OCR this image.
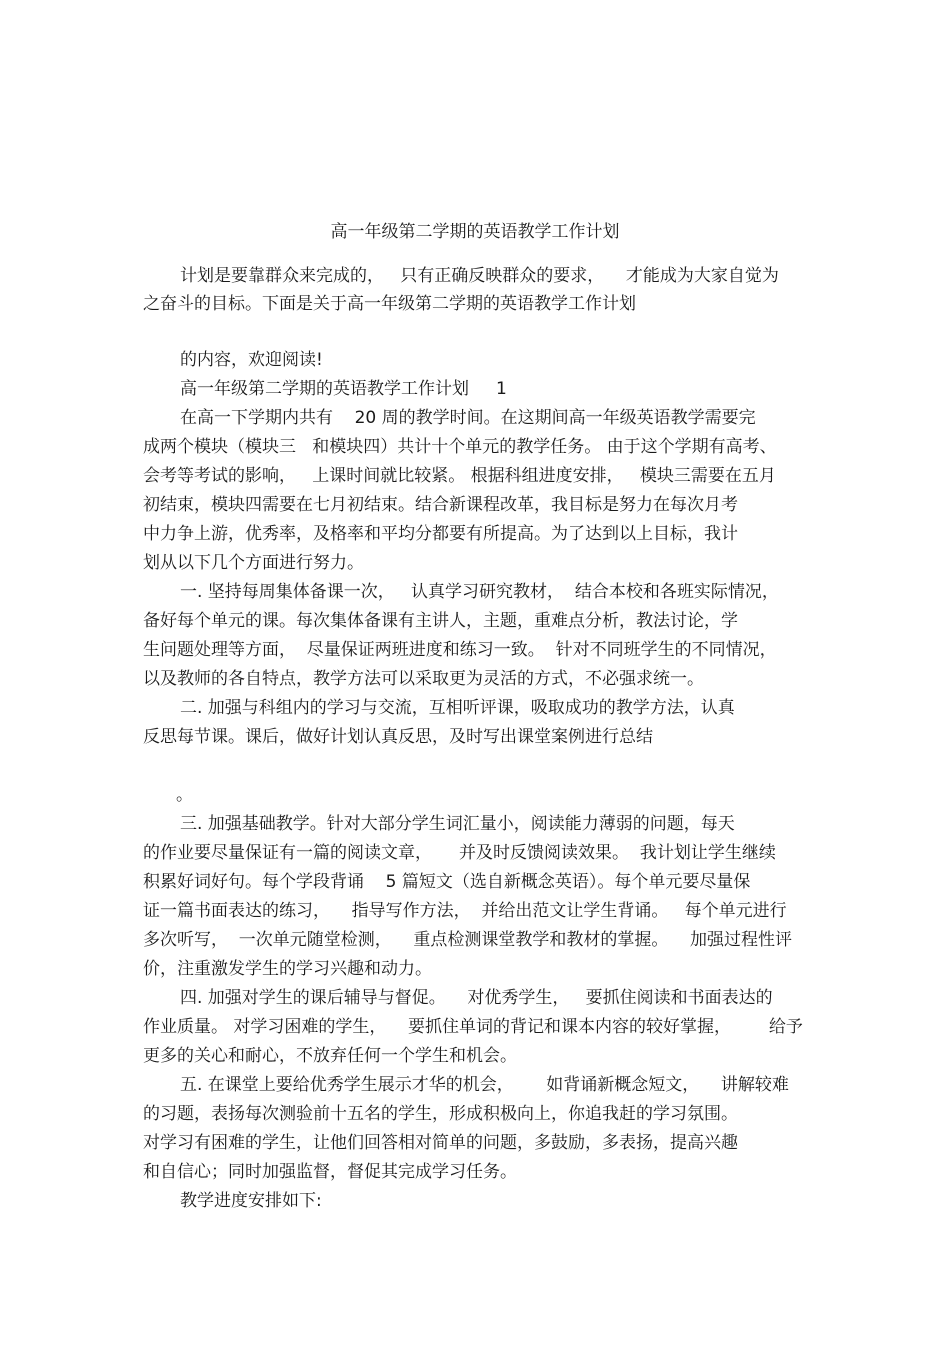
高一年级第二学期的英语教学工作计划
计划是要靠群众来完成的，   只有正确反映群众的要求，    才能成为大家自觉为
之奋斗的目标。下面是关于高一年级第二学期的英语教学工作计划
的内容，欢迎阅读!
高一年级第二学期的英语教学工作计划     1
在高一下学期内共有    20 周的教学时间。在这期间高一年级英语教学需要完
成两个模块（模块三   和模块四）共计十个单元的教学任务。 由于这个学期有高考、
会考等考试的影响，   上课时间就比较紧。 根据科组进度安排，   模块三需要在五月
初结束，模块四需要在七月初结束。结合新课程改革，我目标是努力在每次月考
中力争上游，优秀率，及格率和平均分都要有所提高。为了达到以上目标，我计
划从以下几个方面进行努力。
一. 坚持每周集体备课一次，   认真学习研究教材，  结合本校和各班实际情况，
备好每个单元的课。每次集体备课有主讲人，主题，重难点分析，教法讨论，学
生问题处理等方面，  尽量保证两班进度和练习一致。  针对不同班学生的不同情况，
以及教师的各自特点，教学方法可以采取更为灵活的方式，不必强求统一。
二. 加强与科组内的学习与交流，互相听评课，吸取成功的教学方法，认真
反思每节课。课后，做好计划认真反思，及时写出课堂案例进行总结
。
三. 加强基础教学。针对大部分学生词汇量小，阅读能力薄弱的问题，每天
的作业要尽量保证有一篇的阅读文章，     并及时反馈阅读效果。  我计划让学生继续
积累好词好句。每个学段背诵    5 篇短文（选自新概念英语）。每个单元要尽量保
证一篇书面表达的练习，    指导写作方法，  并给出范文让学生背诵。   每个单元进行
多次听写，  一次单元随堂检测，    重点检测课堂教学和教材的掌握。    加强过程性评
价，注重激发学生的学习兴趣和动力。
四. 加强对学生的课后辅导与督促。    对优秀学生，   要抓住阅读和书面表达的
作业质量。 对学习困难的学生，    要抓住单词的背记和课本内容的较好掌握，       给予
更多的关心和耐心，不放弃任何一个学生和机会。
五. 在课堂上要给优秀学生展示才华的机会，      如背诵新概念短文，    讲解较难
的习题，表扬每次测验前十五名的学生，形成积极向上，你追我赶的学习氛围。
对学习有困难的学生，让他们回答相对简单的问题，多鼓励，多表扬，提高兴趣
和自信心；同时加强监督，督促其完成学习任务。
教学进度安排如下:
